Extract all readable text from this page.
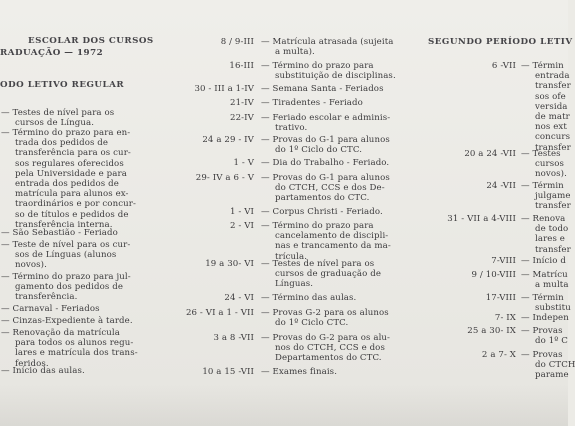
ESCOLAR DOS CURSOS
RADUAÇÃO — 1972
ODO LETIVO REGULAR
SEGUNDO PERÍODO LETIV
— Testes de nível para os
cursos de Língua.
— Término do prazo para en-
trada dos pedidos de
transferência para os cur-
sos regulares oferecidos
pela Universidade e para
entrada dos pedidos de
matrícula para alunos ex-
traordinários e por concur-
so de títulos e pedidos de
transferência interna.
— São Sebastião - Feriado
— Teste de nível para os cur-
sos de Línguas (alunos
novos).
— Término do prazo para jul-
gamento dos pedidos de
transferência.
— Carnaval - Feriados
— Cinzas-Expediente à tarde.
— Renovação da matrícula
para todos os alunos regu-
lares e matrícula dos trans-
feridos.
— Início das aulas.
8 / 9-III
16-III
30 - III a 1-IV
21-IV
22-IV
24 a 29 - IV
1 - V
29- IV a 6 - V
1 - VI
2 - VI
19 a 30- VI
24 - VI
26 - VI a 1 - VII
3 a 8 -VII
10 a 15 -VII
— Matrícula atrasada (sujeita
a multa).
— Término do prazo para
substituição de disciplinas.
— Semana Santa - Feriados
— Tiradentes - Feriado
— Feriado escolar e adminis-
trativo.
— Provas do G-1 para alunos
do 1º Ciclo do CTC.
— Dia do Trabalho - Feriado.
— Provas do G-1 para alunos
do CTCH, CCS e dos De-
partamentos do CTC.
— Corpus Christi - Feriado.
— Término do prazo para
cancelamento de discipli-
nas e trancamento da ma-
trícula.
— Testes de nível para os
cursos de graduação de
Línguas.
— Término das aulas.
— Provas G-2 para os alunos
do 1º Ciclo CTC.
— Provas do G-2 para os alu-
nos do CTCH, CCS e dos
Departamentos do CTC.
— Exames finais.
6 -VII
20 a 24 -VII
24 -VII
31 - VII a 4-VIII
7-VIII
9 / 10-VIII
17-VIII
7- IX
25 a 30- IX
2 a 7- X
— Términ
entrada
transfer
sos ofe
versida
de matr
nos ext
concurs
transfer
— Testes
cursos
novos).
— Términ
julgame
transfer
— Renova
de todo
lares e
transfer
— Início d
— Matrícu
a multa
— Términ
substitu
— Indepen
— Provas
do 1º C
— Provas
do CTCH
parame
